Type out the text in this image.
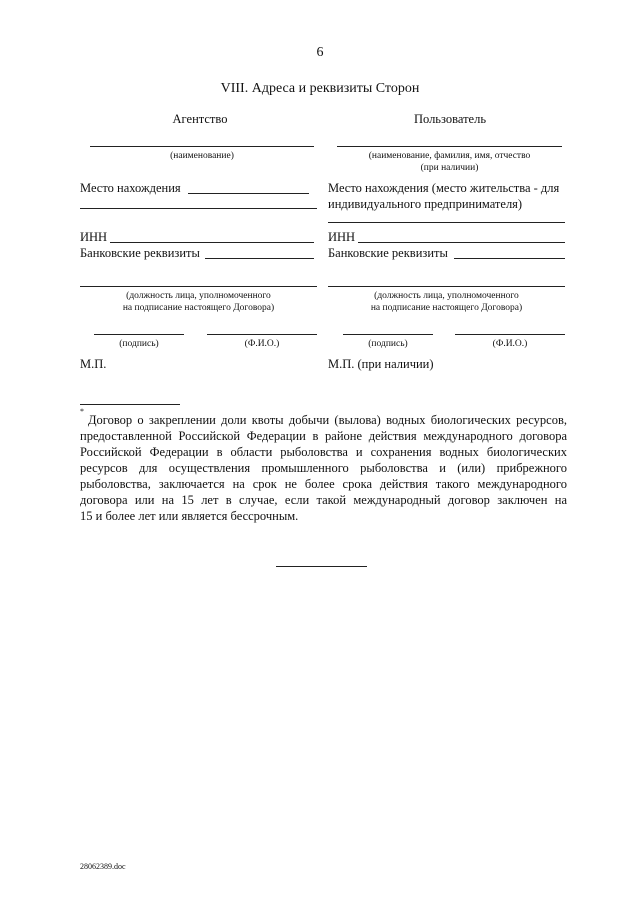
6
VIII. Адреса и реквизиты Сторон
Агентство
(наименование)
Место нахождения
ИНН
Банковские реквизиты
(должность лица, уполномоченного
на подписание настоящего Договора)
(подпись)	(Ф.И.О.)
М.П.
Пользователь
(наименование, фамилия, имя, отчество
(при наличии)
Место нахождения (место жительства - для
индивидуального предпринимателя)
ИНН
Банковские реквизиты
(должность лица, уполномоченного
на подписание настоящего Договора)
(подпись)	(Ф.И.О.)
М.П. (при наличии)
*
Договор о закреплении доли квоты добычи (вылова) водных биологических ресурсов,
предоставленной Российской Федерации в районе действия международного договора
Российской Федерации в области рыболовства и сохранения водных биологических
ресурсов для осуществления промышленного рыболовства и (или) прибрежного
рыболовства, заключается на срок не более срока действия такого международного
договора или на 15 лет в случае, если такой международный договор заключен на
15 и более лет или является бессрочным.
28062389.doc
